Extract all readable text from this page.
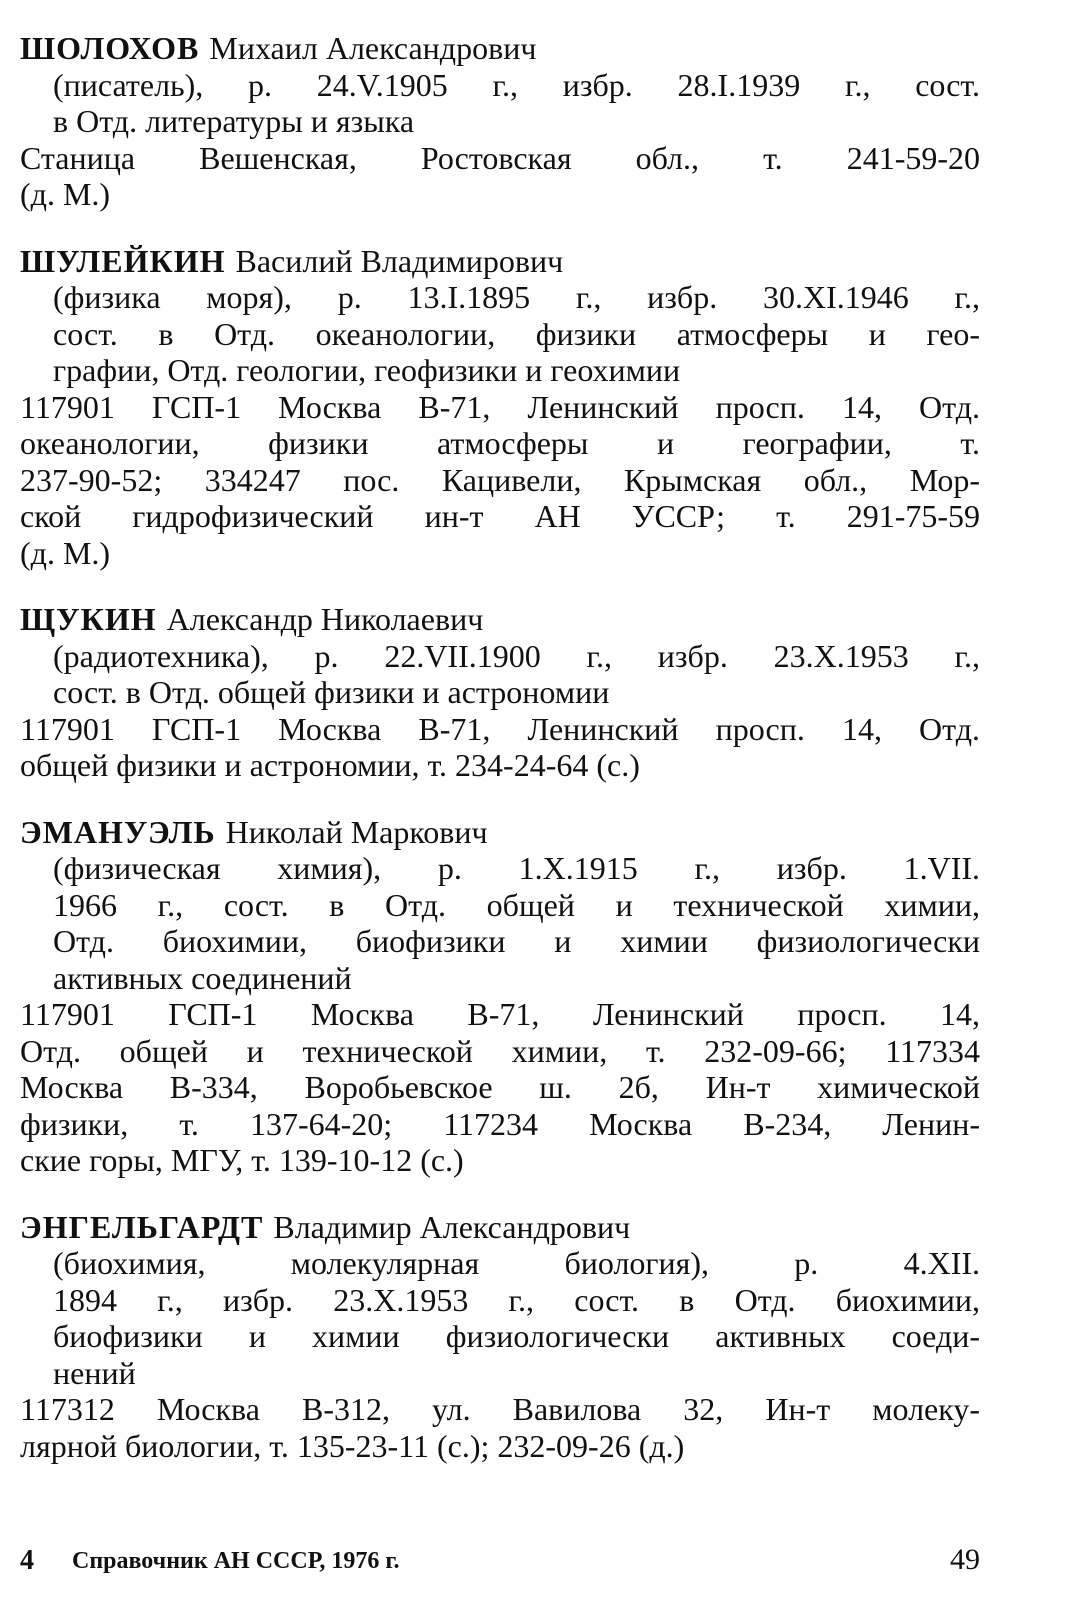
ШОЛОХОВ Михаил Александрович
(писатель), р. 24.V.1905 г., избр. 28.I.1939 г., сост.
в Отд. литературы и языка
Станица Вешенская, Ростовская обл., т. 241-59-20
(д. М.)
ШУЛЕЙКИН Василий Владимирович
(физика моря), р. 13.I.1895 г., избр. 30.XI.1946 г.,
сост. в Отд. океанологии, физики атмосферы и гео-
графии, Отд. геологии, геофизики и геохимии
117901 ГСП-1 Москва В-71, Ленинский просп. 14, Отд.
океанологии, физики атмосферы и географии, т.
237-90-52; 334247 пос. Кацивели, Крымская обл., Мор-
ской гидрофизический ин-т АН УССР; т. 291-75-59
(д. М.)
ЩУКИН Александр Николаевич
(радиотехника), р. 22.VII.1900 г., избр. 23.X.1953 г.,
сост. в Отд. общей физики и астрономии
117901 ГСП-1 Москва В-71, Ленинский просп. 14, Отд.
общей физики и астрономии, т. 234-24-64 (с.)
ЭМАНУЭЛЬ Николай Маркович
(физическая химия), р. 1.X.1915 г., избр. 1.VII.
1966 г., сост. в Отд. общей и технической химии,
Отд. биохимии, биофизики и химии физиологически
активных соединений
117901 ГСП-1 Москва В-71, Ленинский просп. 14,
Отд. общей и технической химии, т. 232-09-66; 117334
Москва В-334, Воробьевское ш. 2б, Ин-т химической
физики, т. 137-64-20; 117234 Москва В-234, Ленин-
ские горы, МГУ, т. 139-10-12 (с.)
ЭНГЕЛЬГАРДТ Владимир Александрович
(биохимия, молекулярная биология), р. 4.XII.
1894 г., избр. 23.X.1953 г., сост. в Отд. биохимии,
биофизики и химии физиологически активных соеди-
нений
117312 Москва В-312, ул. Вавилова 32, Ин-т молеку-
лярной биологии, т. 135-23-11 (с.); 232-09-26 (д.)
4 Справочник АН СССР, 1976 г.	49
